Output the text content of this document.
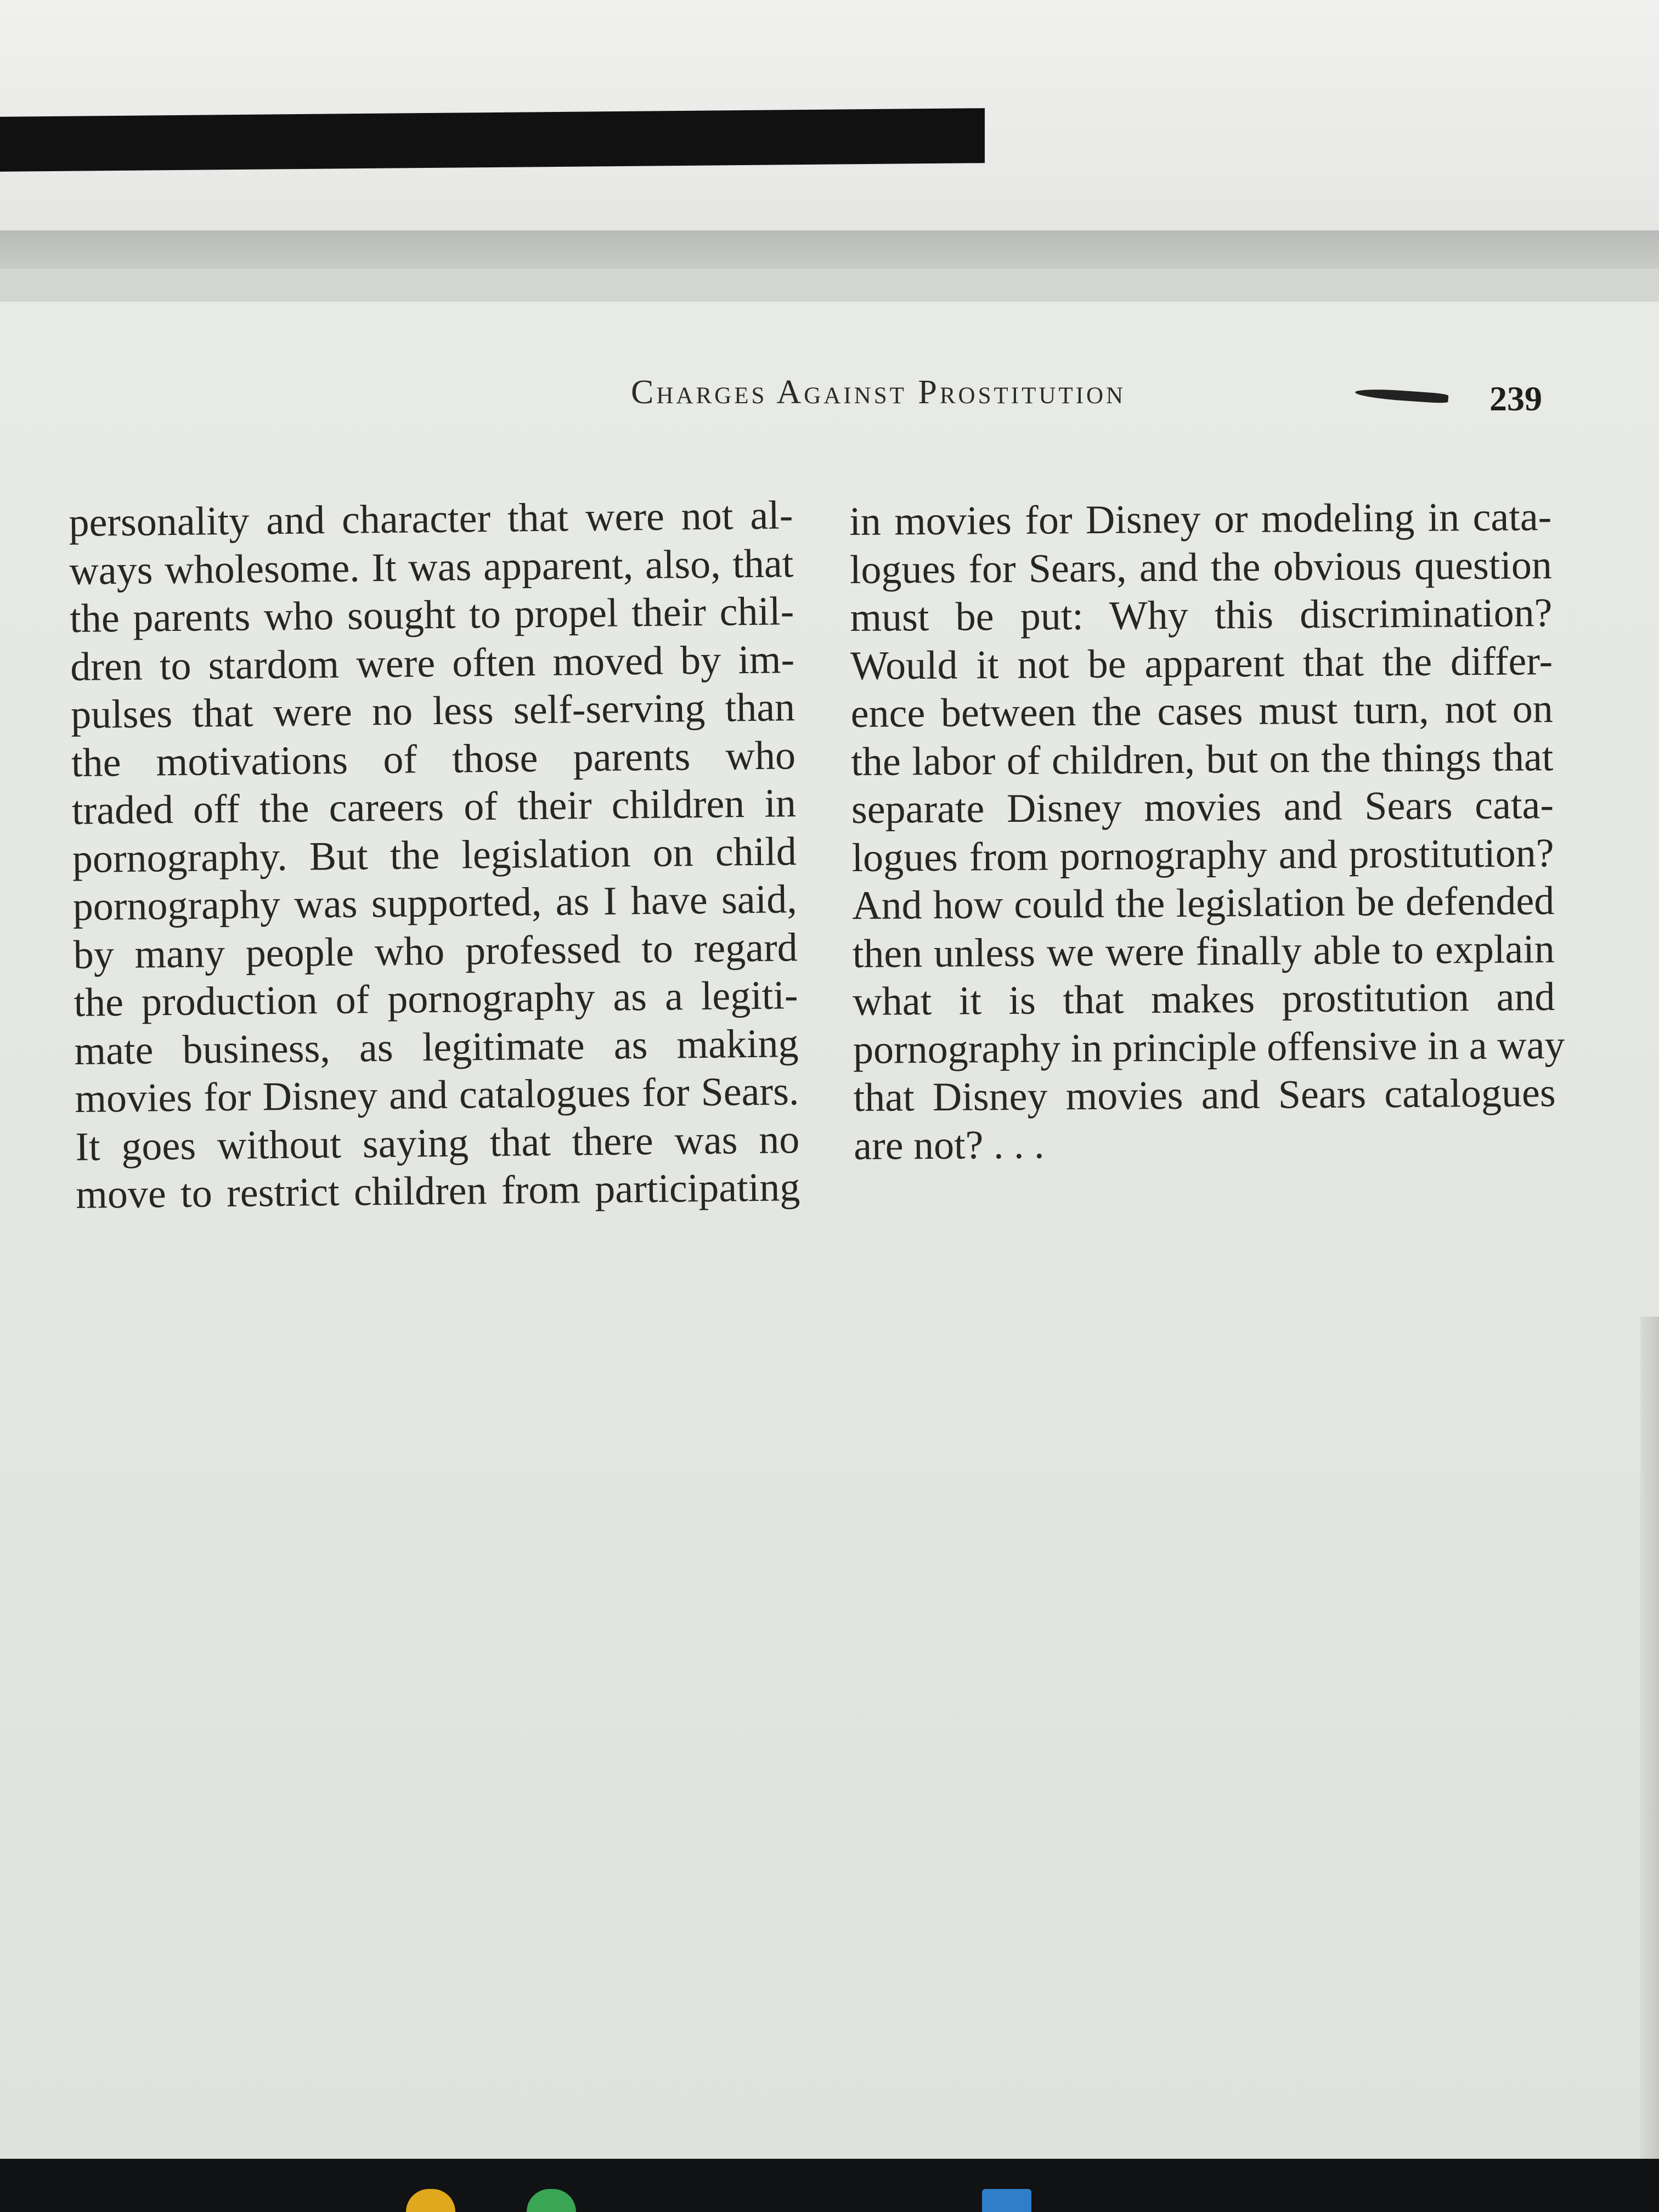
Charges Against Prostitution	239
personality and character that were not al-
ways wholesome. It was apparent, also, that
the parents who sought to propel their chil-
dren to stardom were often moved by im-
pulses that were no less self-serving than
the motivations of those parents who
traded off the careers of their children in
pornography. But the legislation on child
pornography was supported, as I have said,
by many people who professed to regard
the production of pornography as a legiti-
mate business, as legitimate as making
movies for Disney and catalogues for Sears.
It goes without saying that there was no
move to restrict children from participating
in movies for Disney or modeling in cata-
logues for Sears, and the obvious question
must be put: Why this discrimination?
Would it not be apparent that the differ-
ence between the cases must turn, not on
the labor of children, but on the things that
separate Disney movies and Sears cata-
logues from pornography and prostitution?
And how could the legislation be defended
then unless we were finally able to explain
what it is that makes prostitution and
pornography in principle offensive in a way
that Disney movies and Sears catalogues
are not? . . .
